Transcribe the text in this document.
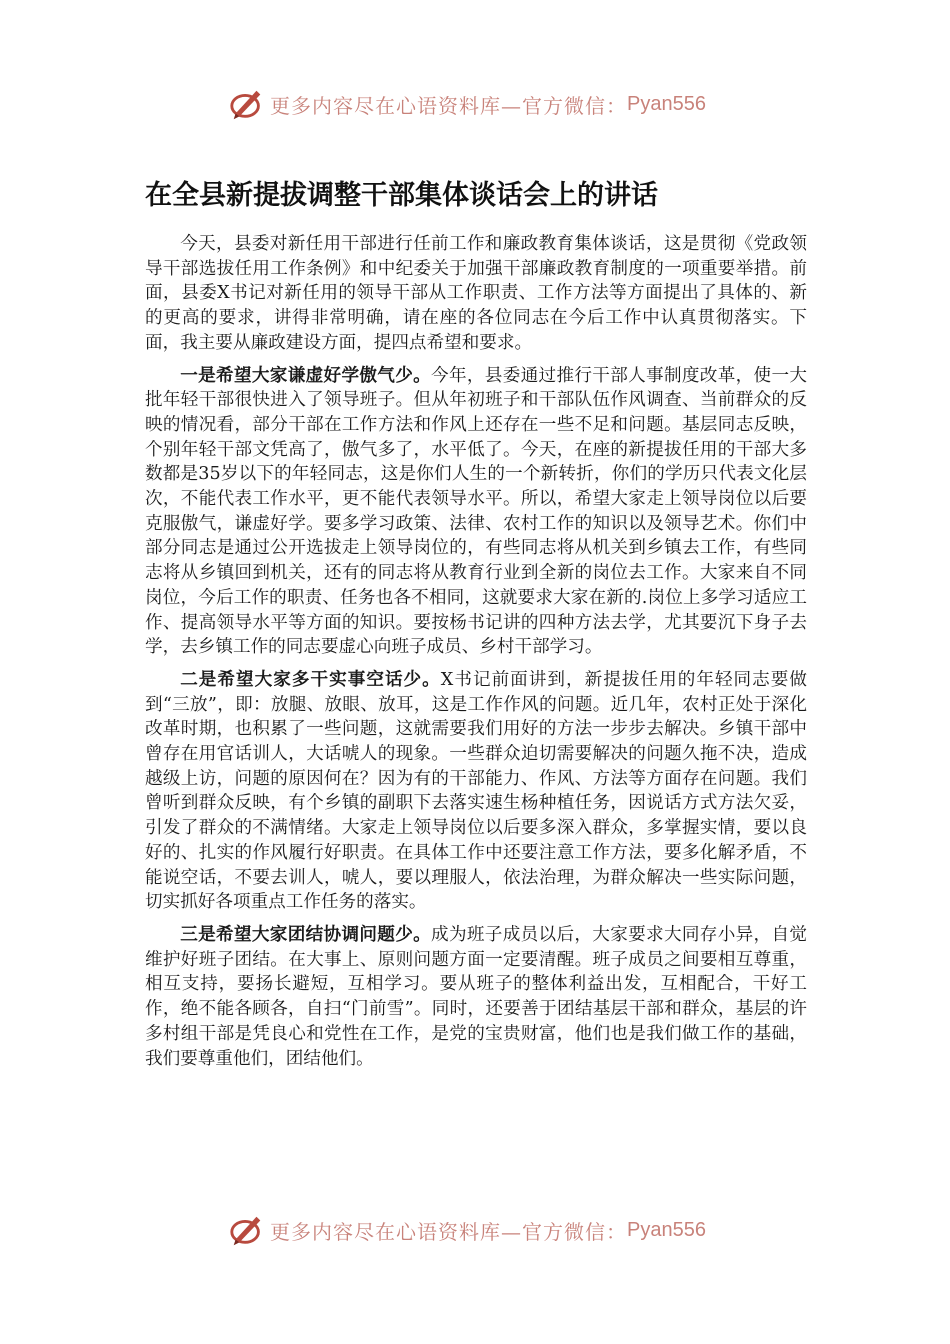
更多内容尽在心语资料库—官方微信： Pyan556
在全县新提拔调整干部集体谈话会上的讲话

今天，县委对新任用干部进行任前工作和廉政教育集体谈话，这是贯彻《党政领导干部选拔任用工作条例》和中纪委关于加强干部廉政教育制度的一项重要举措。前面，县委X书记对新任用的领导干部从工作职责、工作方法等方面提出了具体的、新的更高的要求，讲得非常明确，请在座的各位同志在今后工作中认真贯彻落实。下面，我主要从廉政建设方面，提四点希望和要求。

一是希望大家谦虚好学傲气少。今年，县委通过推行干部人事制度改革，使一大批年轻干部很快进入了领导班子。但从年初班子和干部队伍作风调查、当前群众的反映的情况看，部分干部在工作方法和作风上还存在一些不足和问题。基层同志反映，个别年轻干部文凭高了，傲气多了，水平低了。今天，在座的新提拔任用的干部大多数都是35岁以下的年轻同志，这是你们人生的一个新转折，你们的学历只代表文化层次，不能代表工作水平，更不能代表领导水平。所以，希望大家走上领导岗位以后要克服傲气，谦虚好学。要多学习政策、法律、农村工作的知识以及领导艺术。你们中部分同志是通过公开选拔走上领导岗位的，有些同志将从机关到乡镇去工作，有些同志将从乡镇回到机关，还有的同志将从教育行业到全新的岗位去工作。大家来自不同岗位，今后工作的职责、任务也各不相同，这就要求大家在新的.岗位上多学习适应工作、提高领导水平等方面的知识。要按杨书记讲的四种方法去学，尤其要沉下身子去学，去乡镇工作的同志要虚心向班子成员、乡村干部学习。

二是希望大家多干实事空话少。X书记前面讲到，新提拔任用的年轻同志要做到“三放”，即：放腿、放眼、放耳，这是工作作风的问题。近几年，农村正处于深化改革时期，也积累了一些问题，这就需要我们用好的方法一步步去解决。乡镇干部中曾存在用官话训人，大话唬人的现象。一些群众迫切需要解决的问题久拖不决，造成越级上访，问题的原因何在？因为有的干部能力、作风、方法等方面存在问题。我们曾听到群众反映，有个乡镇的副职下去落实速生杨种植任务，因说话方式方法欠妥，引发了群众的不满情绪。大家走上领导岗位以后要多深入群众，多掌握实情，要以良好的、扎实的作风履行好职责。在具体工作中还要注意工作方法，要多化解矛盾，不能说空话，不要去训人，唬人，要以理服人，依法治理，为群众解决一些实际问题，切实抓好各项重点工作任务的落实。

三是希望大家团结协调问题少。成为班子成员以后，大家要求大同存小异，自觉维护好班子团结。在大事上、原则问题方面一定要清醒。班子成员之间要相互尊重，相互支持，要扬长避短，互相学习。要从班子的整体利益出发，互相配合，干好工作，绝不能各顾各，自扫“门前雪”。同时，还要善于团结基层干部和群众，基层的许多村组干部是凭良心和党性在工作，是党的宝贵财富，他们也是我们做工作的基础，我们要尊重他们，团结他们。

更多内容尽在心语资料库—官方微信： Pyan556
